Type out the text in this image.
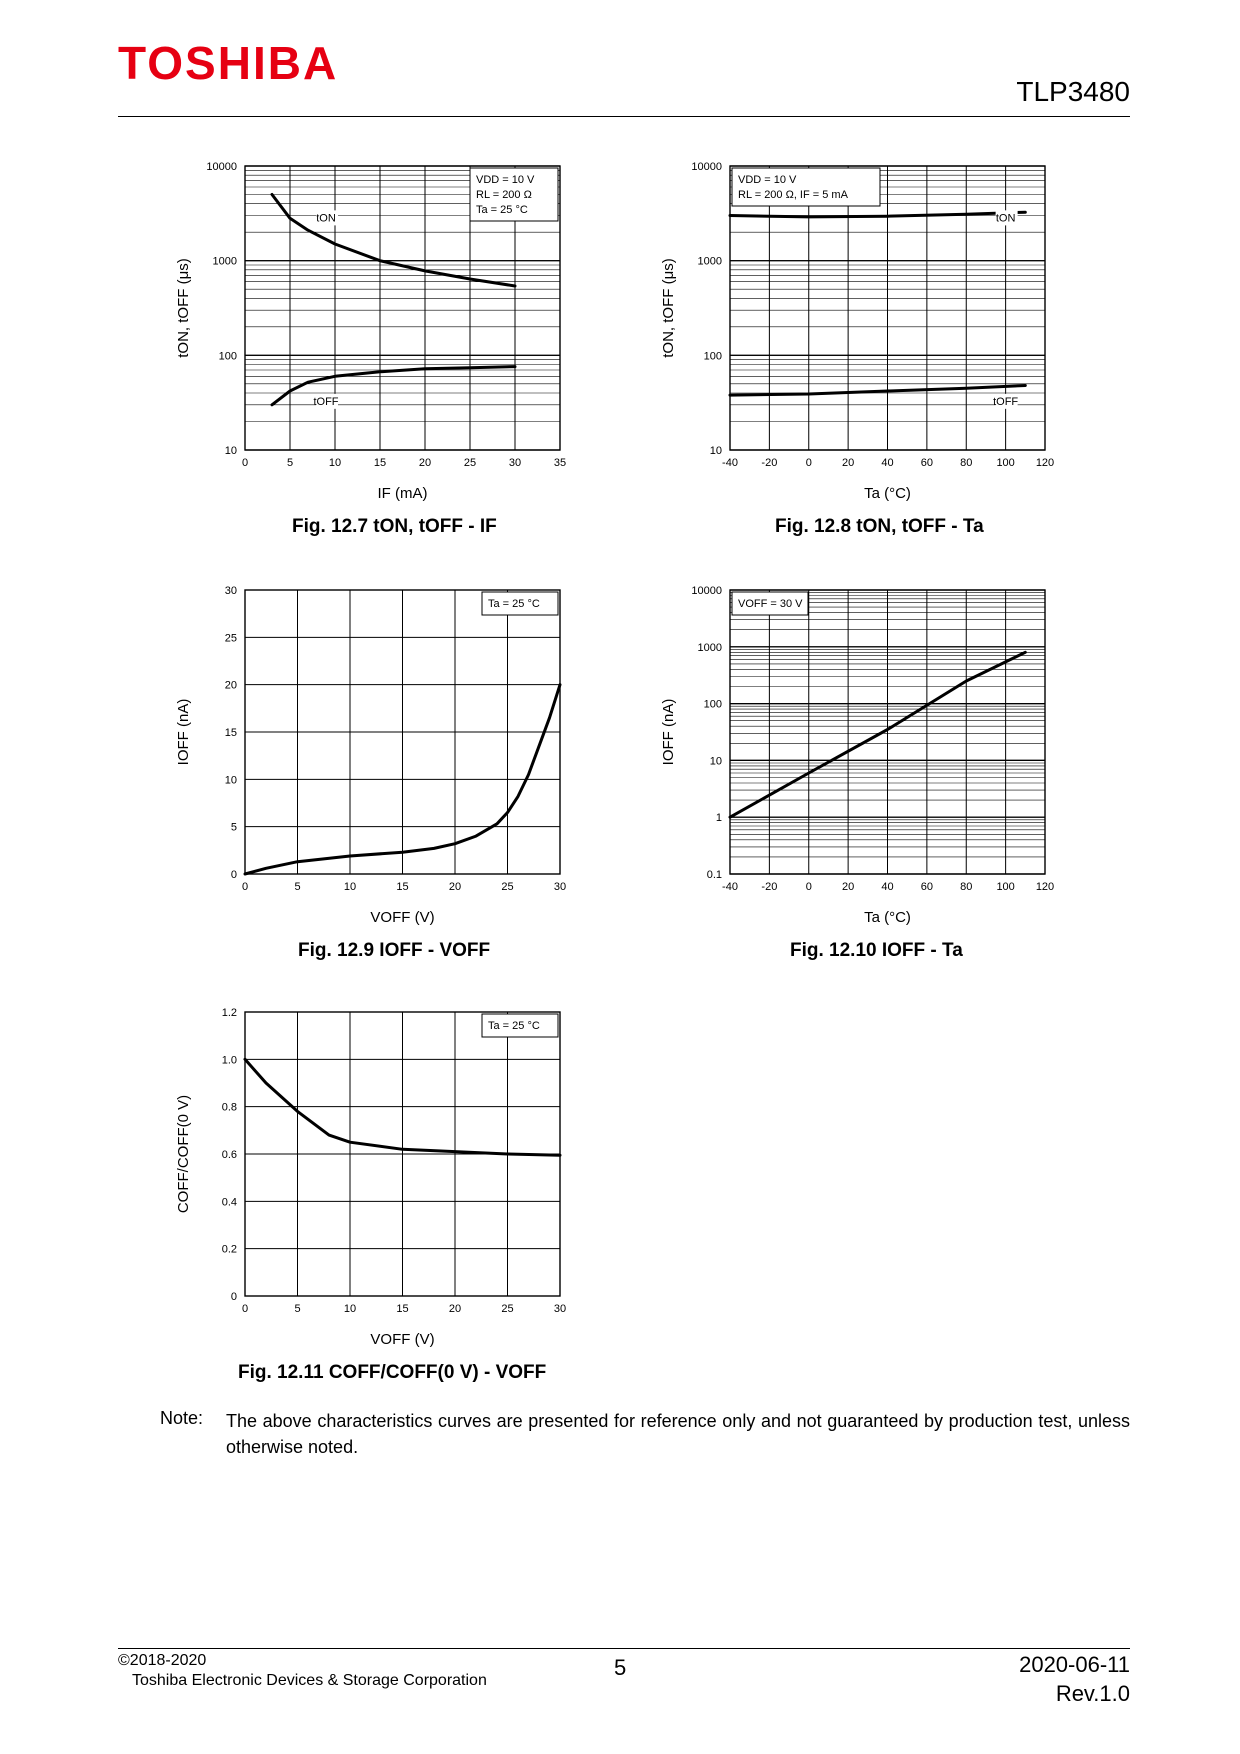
TOSHIBA
TLP3480
0	5	10	15	20	25	30	35
10
100
1000
10000
IF (mA)
tON, tOFF (μs)
VDD = 10 V
RL = 200 Ω
Ta = 25 °C
tON
tOFF
Fig. 12.7 tON, tOFF - IF
-40 -20	0	20 40 60 80 100 120
10
100
1000
10000
Ta (°C)
tON, tOFF (μs)
VDD = 10 V
RL = 200 Ω, IF = 5 mA
tON
tOFF
Fig. 12.8 tON, tOFF - Ta
0	5	10	15	20	25	30
0
5
10
15
20
25
30
VOFF (V)
IOFF (nA)
Ta = 25 °C
Fig. 12.9 IOFF - VOFF
-40 -20	0	20 40 60 80 100 120
0.1
1
10
100
1000
10000
Ta (°C)
IOFF (nA)
VOFF = 30 V
Fig. 12.10 IOFF - Ta
0	5	10	15	20	25	30
0
0.2
0.4
0.6
0.8
1.0
1.2
VOFF (V)
COFF/COFF(0 V)
Ta = 25 °C
Fig. 12.11 COFF/COFF(0 V) - VOFF
Note: The above characteristics curves are presented for reference only and not guaranteed by production test, unless otherwise noted.
©2018-2020
Toshiba Electronic Devices & Storage Corporation
5	2020-06-11
Rev.1.0
